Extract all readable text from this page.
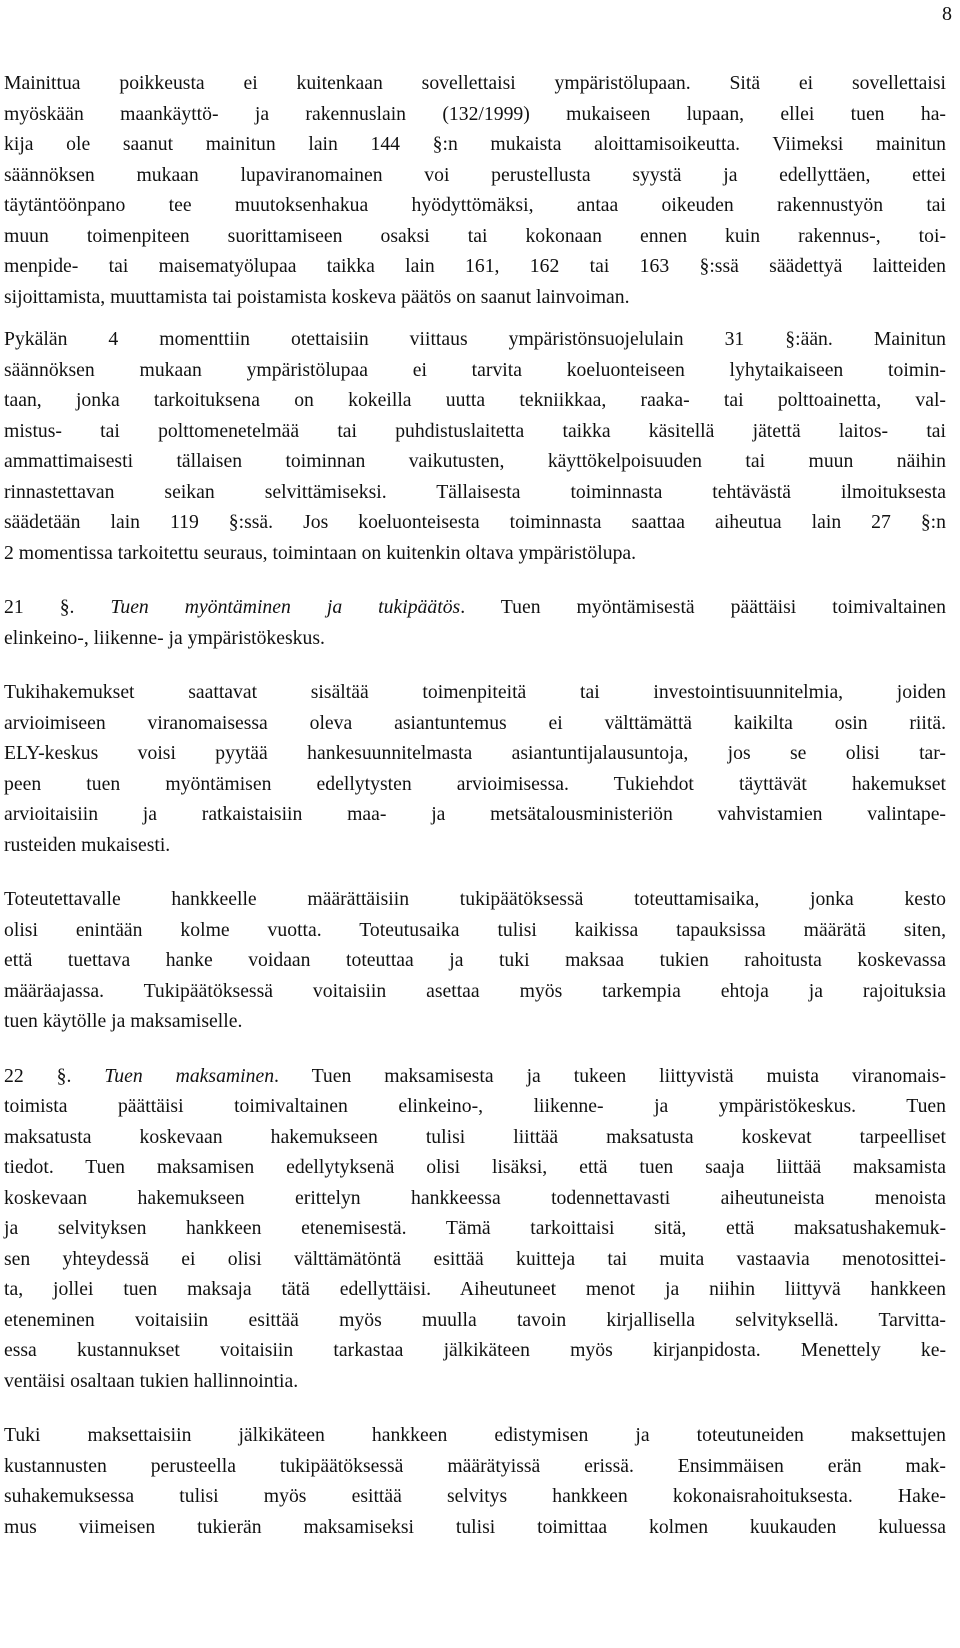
8
Mainittua poikkeusta ei kuitenkaan sovellettaisi ympäristölupaan. Sitä ei sovellettaisi
myöskään maankäyttö- ja rakennuslain (132/1999) mukaiseen lupaan, ellei tuen ha-
kija ole saanut mainitun lain 144 §:n mukaista aloittamisoikeutta. Viimeksi mainitun
säännöksen mukaan lupaviranomainen voi perustellusta syystä ja edellyttäen, ettei
täytäntöönpano tee muutoksenhakua hyödyttömäksi, antaa oikeuden rakennustyön tai
muun toimenpiteen suorittamiseen osaksi tai kokonaan ennen kuin rakennus-, toi-
menpide- tai maisematyölupaa taikka lain 161, 162 tai 163 §:ssä säädettyä laitteiden
sijoittamista, muuttamista tai poistamista koskeva päätös on saanut lainvoiman.
Pykälän 4 momenttiin otettaisiin viittaus ympäristönsuojelulain 31 §:ään. Mainitun
säännöksen mukaan ympäristölupaa ei tarvita koeluonteiseen lyhytaikaiseen toimin-
taan, jonka tarkoituksena on kokeilla uutta tekniikkaa, raaka- tai polttoainetta, val-
mistus- tai polttomenetelmää tai puhdistuslaitetta taikka käsitellä jätettä laitos- tai
ammattimaisesti tällaisen toiminnan vaikutusten, käyttökelpoisuuden tai muun näihin
rinnastettavan seikan selvittämiseksi. Tällaisesta toiminnasta tehtävästä ilmoituksesta
säädetään lain 119 §:ssä. Jos koeluonteisesta toiminnasta saattaa aiheutua lain 27 §:n
2 momentissa tarkoitettu seuraus, toimintaan on kuitenkin oltava ympäristölupa.
21 §. Tuen myöntäminen ja tukipäätös. Tuen myöntämisestä päättäisi toimivaltainen
elinkeino-, liikenne- ja ympäristökeskus.
Tukihakemukset saattavat sisältää toimenpiteitä tai investointisuunnitelmia, joiden
arvioimiseen viranomaisessa oleva asiantuntemus ei välttämättä kaikilta osin riitä.
ELY-keskus voisi pyytää hankesuunnitelmasta asiantuntijalausuntoja, jos se olisi tar-
peen tuen myöntämisen edellytysten arvioimisessa. Tukiehdot täyttävät hakemukset
arvioitaisiin ja ratkaistaisiin maa- ja metsätalousministeriön vahvistamien valintape-
rusteiden mukaisesti.
Toteutettavalle hankkeelle määrättäisiin tukipäätöksessä toteuttamisaika, jonka kesto
olisi enintään kolme vuotta. Toteutusaika tulisi kaikissa tapauksissa määrätä siten,
että tuettava hanke voidaan toteuttaa ja tuki maksaa tukien rahoitusta koskevassa
määräajassa. Tukipäätöksessä voitaisiin asettaa myös tarkempia ehtoja ja rajoituksia
tuen käytölle ja maksamiselle.
22 §. Tuen maksaminen. Tuen maksamisesta ja tukeen liittyvistä muista viranomais-
toimista päättäisi toimivaltainen elinkeino-, liikenne- ja ympäristökeskus. Tuen
maksatusta koskevaan hakemukseen tulisi liittää maksatusta koskevat tarpeelliset
tiedot. Tuen maksamisen edellytyksenä olisi lisäksi, että tuen saaja liittää maksamista
koskevaan hakemukseen erittelyn hankkeessa todennettavasti aiheutuneista menoista
ja selvityksen hankkeen etenemisestä. Tämä tarkoittaisi sitä, että maksatushakemuk-
sen yhteydessä ei olisi välttämätöntä esittää kuitteja tai muita vastaavia menotosittei-
ta, jollei tuen maksaja tätä edellyttäisi. Aiheutuneet menot ja niihin liittyvä hankkeen
eteneminen voitaisiin esittää myös muulla tavoin kirjallisella selvityksellä. Tarvitta-
essa kustannukset voitaisiin tarkastaa jälkikäteen myös kirjanpidosta. Menettely ke-
ventäisi osaltaan tukien hallinnointia.
Tuki maksettaisiin jälkikäteen hankkeen edistymisen ja toteutuneiden maksettujen
kustannusten perusteella tukipäätöksessä määrätyissä erissä. Ensimmäisen erän mak-
suhakemuksessa tulisi myös esittää selvitys hankkeen kokonaisrahoituksesta. Hake-
mus viimeisen tukierän maksamiseksi tulisi toimittaa kolmen kuukauden kuluessa
